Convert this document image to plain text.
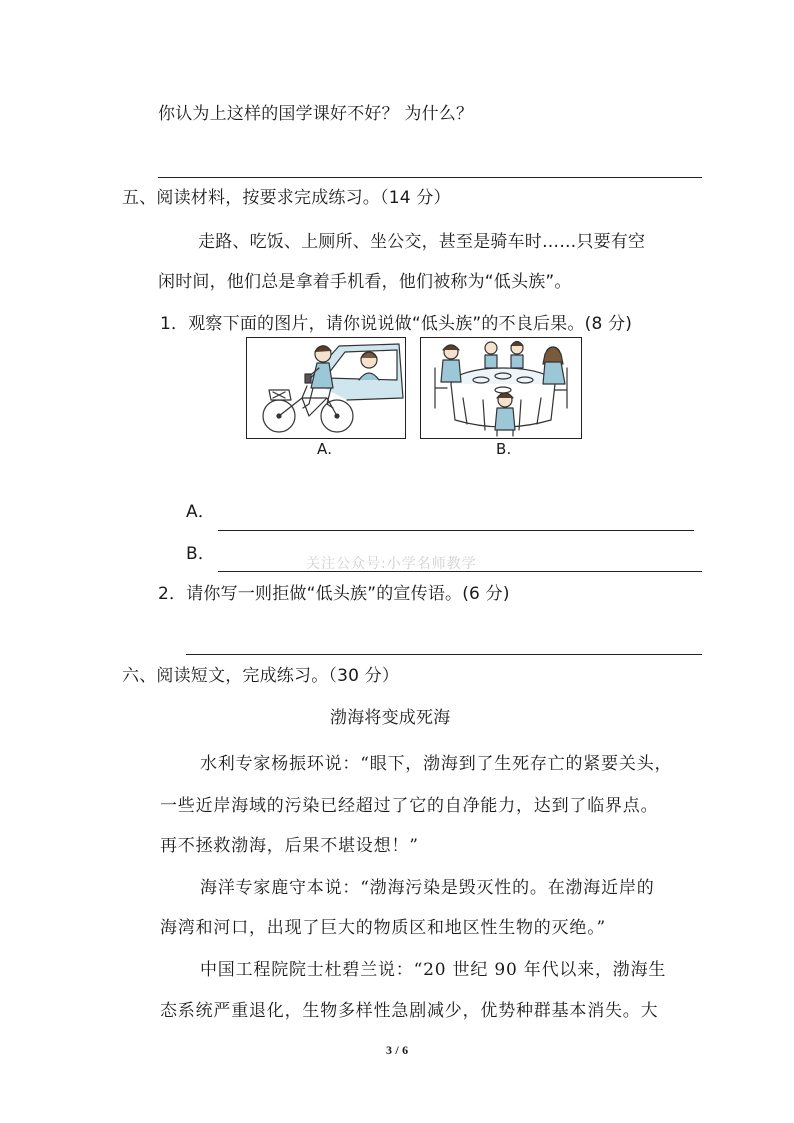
你认为上这样的国学课好不好？ 为什么？
五、阅读材料，按要求完成练习。（14 分）
走路、吃饭、上厕所、坐公交，甚至是骑车时……只要有空
闲时间，他们总是拿着手机看，他们被称为“低头族”。
1．观察下面的图片，请你说说做“低头族”的不良后果。(8 分)
A.	B.
A．
B．	关注公众号:小学名师教学
2．请你写一则拒做“低头族”的宣传语。(6 分)
六、阅读短文，完成练习。（30 分）
渤海将变成死海
水利专家杨振环说：“眼下，渤海到了生死存亡的紧要关头，
一些近岸海域的污染已经超过了它的自净能力，达到了临界点。
再不拯救渤海，后果不堪设想！”
海洋专家鹿守本说：“渤海污染是毁灭性的。在渤海近岸的
海湾和河口，出现了巨大的物质区和地区性生物的灭绝。”
中国工程院院士杜碧兰说：“20 世纪 90 年代以来，渤海生
态系统严重退化，生物多样性急剧减少，优势种群基本消失。大
3 / 6
